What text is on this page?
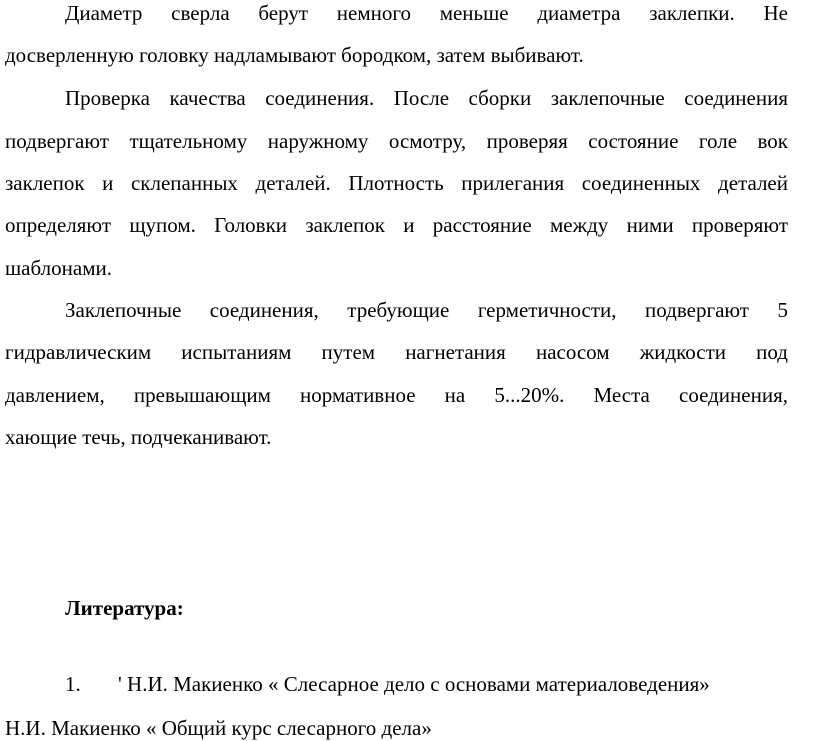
Диаметр сверла берут немного меньше диаметра заклепки. Не
досверленную головку надламывают бородком, затем выбивают.
Проверка качества соединения. После сборки заклепочные соединения
подвергают тщательному наружному осмотру, проверяя состояние голе вок
заклепок и склепанных деталей. Плотность прилегания соединенных деталей
определяют щупом. Головки заклепок и расстояние между ними проверяют
шаблонами.
Заклепочные соединения, требующие герметичности, подвергают 5
гидравлическим испытаниям путем нагнетания насосом жидкости под
давлением, превышающим нормативное на 5...20%. Места соединения,
хающие течь, подчеканивают.
Литература:
1. ' Н.И. Макиенко « Слесарное дело с основами материаловедения»
Н.И. Макиенко « Общий курс слесарного дела»
